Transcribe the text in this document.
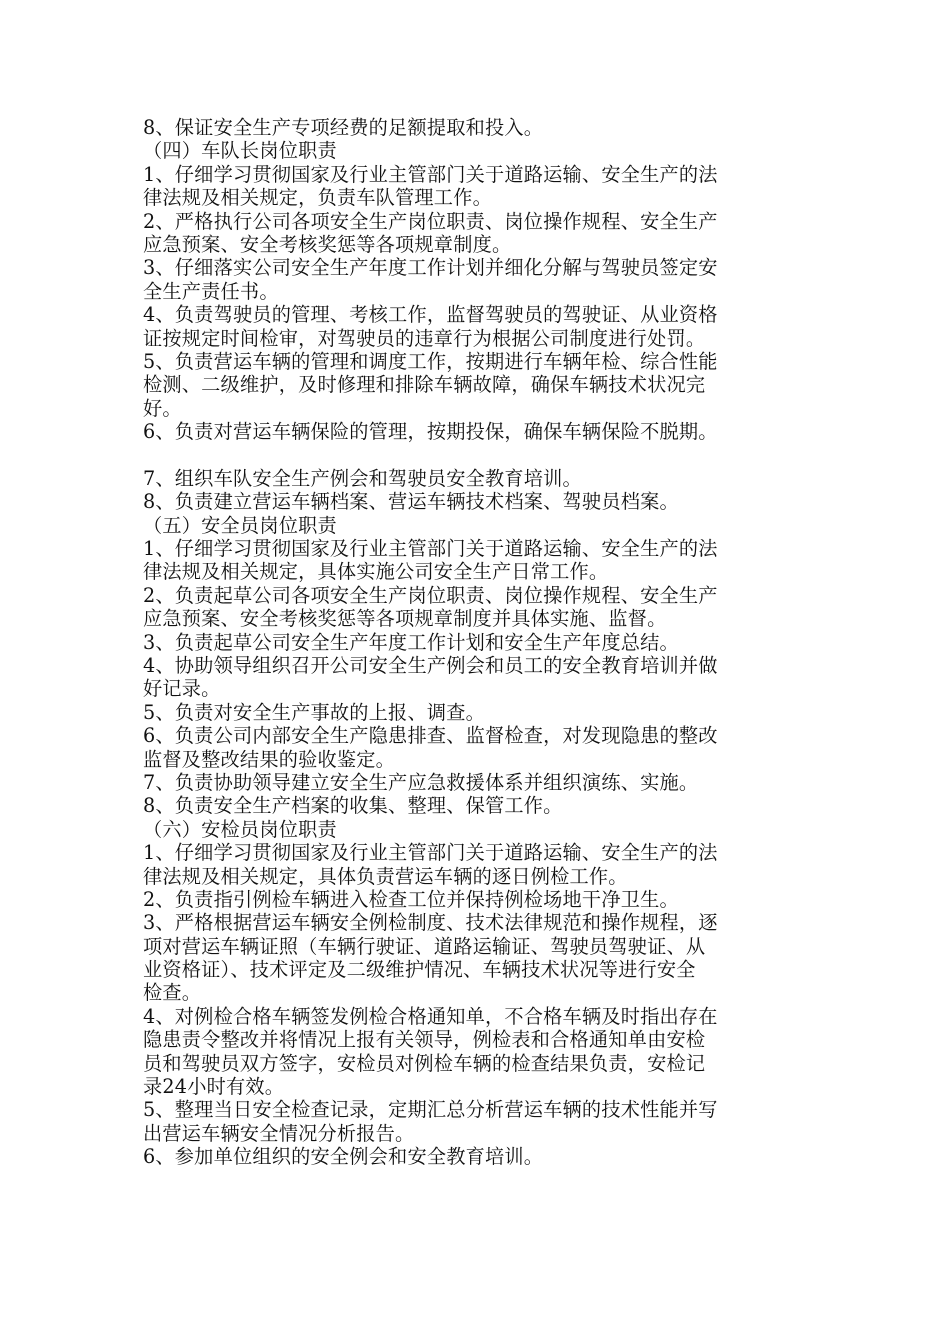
8、保证安全生产专项经费的足额提取和投入。

（四）车队长岗位职责

1、仔细学习贯彻国家及行业主管部门关于道路运输、安全生产的法

律法规及相关规定，负责车队管理工作。

2、严格执行公司各项安全生产岗位职责、岗位操作规程、安全生产

应急预案、安全考核奖惩等各项规章制度。

3、仔细落实公司安全生产年度工作计划并细化分解与驾驶员签定安

全生产责任书。

4、负责驾驶员的管理、考核工作，监督驾驶员的驾驶证、从业资格

证按规定时间检审，对驾驶员的违章行为根据公司制度进行处罚。

5、负责营运车辆的管理和调度工作，按期进行车辆年检、综合性能

检测、二级维护，及时修理和排除车辆故障，确保车辆技术状况完

好。

6、负责对营运车辆保险的管理，按期投保，确保车辆保险不脱期。

7、组织车队安全生产例会和驾驶员安全教育培训。

8、负责建立营运车辆档案、营运车辆技术档案、驾驶员档案。

（五）安全员岗位职责

1、仔细学习贯彻国家及行业主管部门关于道路运输、安全生产的法

律法规及相关规定，具体实施公司安全生产日常工作。

2、负责起草公司各项安全生产岗位职责、岗位操作规程、安全生产

应急预案、安全考核奖惩等各项规章制度并具体实施、监督。

3、负责起草公司安全生产年度工作计划和安全生产年度总结。

4、协助领导组织召开公司安全生产例会和员工的安全教育培训并做

好记录。

5、负责对安全生产事故的上报、调查。

6、负责公司内部安全生产隐患排查、监督检查，对发现隐患的整改

监督及整改结果的验收鉴定。

7、负责协助领导建立安全生产应急救援体系并组织演练、实施。

8、负责安全生产档案的收集、整理、保管工作。

（六）安检员岗位职责

1、仔细学习贯彻国家及行业主管部门关于道路运输、安全生产的法

律法规及相关规定，具体负责营运车辆的逐日例检工作。

2、负责指引例检车辆进入检查工位并保持例检场地干净卫生。

3、严格根据营运车辆安全例检制度、技术法律规范和操作规程，逐

项对营运车辆证照（车辆行驶证、道路运输证、驾驶员驾驶证、从

业资格证）、技术评定及二级维护情况、车辆技术状况等进行安全

检查。

4、对例检合格车辆签发例检合格通知单，不合格车辆及时指出存在

隐患责令整改并将情况上报有关领导，例检表和合格通知单由安检

员和驾驶员双方签字，安检员对例检车辆的检查结果负责，安检记

录24小时有效。

5、整理当日安全检查记录，定期汇总分析营运车辆的技术性能并写

出营运车辆安全情况分析报告。

6、参加单位组织的安全例会和安全教育培训。
